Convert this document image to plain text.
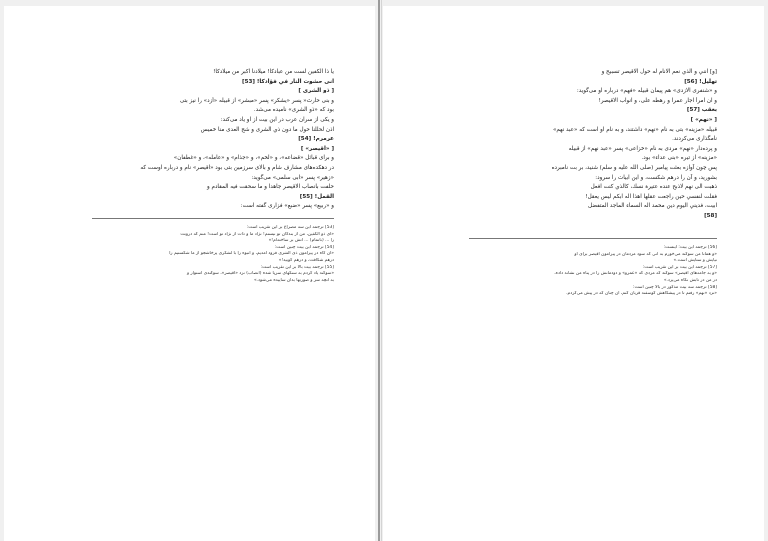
يا ذا الكفين لست من عبادكا! ميلادنا اكبر من ميلادكا!
انى حشوت النار في فؤادكا! [53]
[ ذو الشرى ]
و بنى حارث« پسر «يشكر» پسر «مبشر» از قبيله «أزد» را نيز بتى
بود كه «ذو الشرى» ناميده مى‌شد.
و يكى از سران عرب در اين بيت از او ياد مى‌كند:
اذن لحللنا حول ما دون ذي الشرى و شج العدى منا خميس
عرمرم! [54]
[ «اقيصر» ]
و براى قبائل «قضاعه»، و «لخم»، و «جذام» و «عامله»، و «غطفان»
در دهكده‌هاى مشارف شام و بالاى سرزمين بتى بود «اقيصر» نام و درباره اوست كه
«زهير» پسر «ابى سلمى» مى‌گويد:
حلفت بانصاب الاقيصر جاهدا و ما سحقت فيه المقادم و
القمل! [55]
و «ربيع» پسر «ضبع» فزارى گفته است:
[53] ترجمه اين سه مصراع بر اين تقريب است:
«اى ذو الكفين، من از بندگان تو نيستم! نژاد ما و ذات از نژاد تو است! منم كه درونت
را ... (ناتمام) ... آتش بر ساخته‌ام!»
[54] ترجمه اين بيت چنين است:
«آن گاه در پيرامون ذى الشرى فرود آمديم، و انبوه را با لشكرى پرخاشجو از ما شكستيم را
درهم شكافت، و درهم كوبيد!»
[55] ترجمه بيت بالا بر اين تقريب است:
«سوگند ياد كردم به سنگهاى سرپا شده (انصاب) نزد «اقيصر»، سوگندى استوار و
به آنچه سر و صورتها بدان ساييده مى‌شود.»
[و] انني و الذي نعم الانام له حول الاقيصر تسبيح و
تهليل! [56]
و «شنفرى الازدى» هم پيمان قبيله «فهم» درباره او مى‌گويد:
و ان امرأ اجار عمرا و رهطه على، و انواب الاقيصر!
بعقب [57]
[ «نهم» ]
قبيله «مزينه» بتى به نام «نهم» داشتند، و به نام او است كه «عبد نهم»
نامگذارى مى‌كردند.
و پرده‌دار «نهم» مردى به نام «خزاعى» پسر «عبد نهم» از قبيله
«مزينه» از تيره «بنى عداء» بود.
پس چون آوازه بعثت پيامبر (صلى الله عليه و سلم) شنيد، بر بت نامبرده
بشوريد، و آن را درهم شكست، و اين ابيات را سرود:
ذهبت الى نهم لاذبح عنده عتيرة نسك، كالذي كنت افعل
فقلت لنفسي حين راجعت عقلها اهذا اله ابكم ليس يعقل!
ابيت، فديني اليوم دين محمد اله السماء الماجد المتفضل
[58]
[56] ترجمه اين بيت: اينست:
«و همانا من سوگند مى‌خورم به آنى كه سود مردمان در پيرامون اقيصر براى او
نيايش و ستايش است.»
[57] ترجمه اين بيت بر اين تقريب است:
«و به جامه‌هاى اقيصر» سوگند كه مردى كه «عمرو» و دودمانش را در پناه من نشاند داده،
در من در تابش نگاه مى‌پرد.»
[58] ترجمه سه بيت مذكور در بالا چنين است:
«نزد «نهم» رفتم تا در پيشگاهش گوسفند قربان كنم، آن چنان كه در پيش مى‌كردم.
